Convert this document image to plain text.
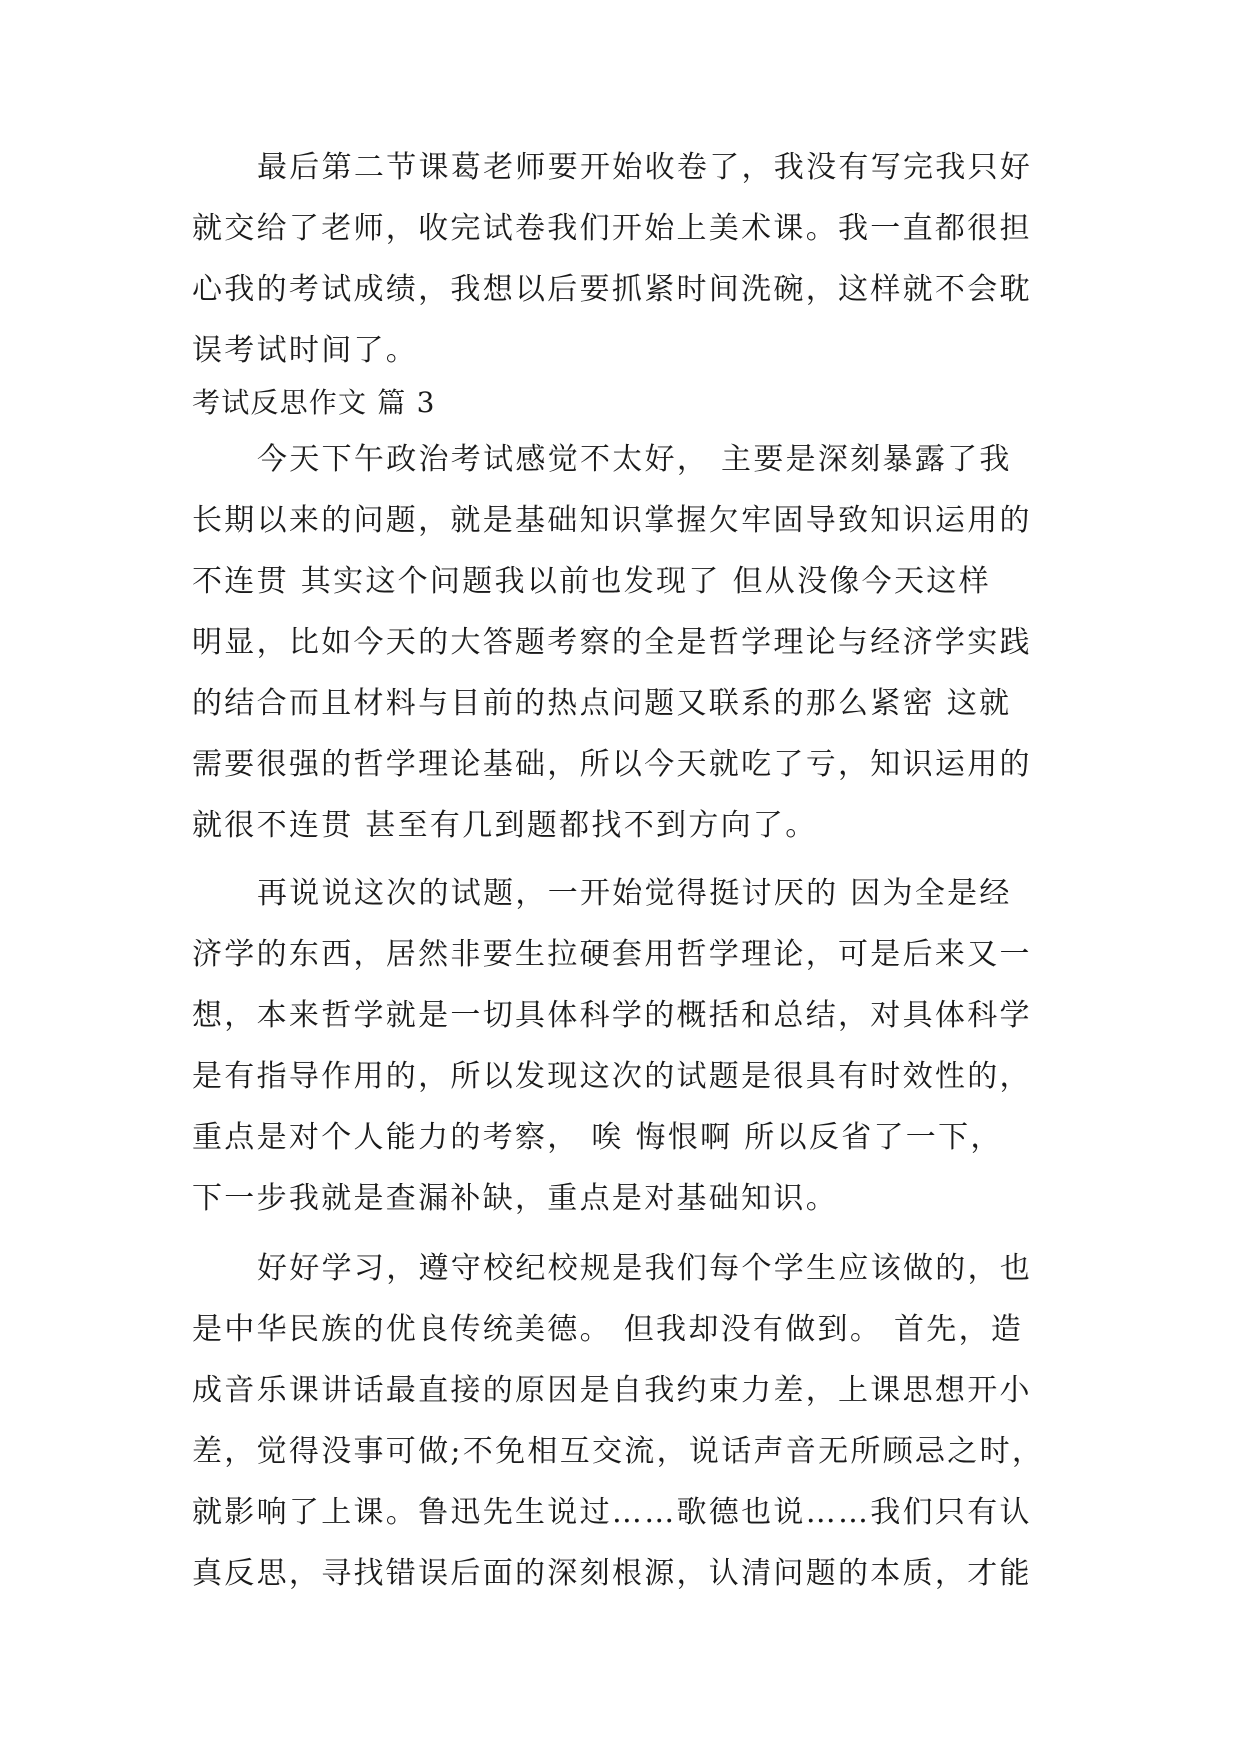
最后第二节课葛老师要开始收卷了，我没有写完我只好
就交给了老师，收完试卷我们开始上美术课。我一直都很担
心我的考试成绩，我想以后要抓紧时间洗碗，这样就不会耽
误考试时间了。
考试反思作文 篇 3
今天下午政治考试感觉不太好， 主要是深刻暴露了我
长期以来的问题，就是基础知识掌握欠牢固导致知识运用的
不连贯 其实这个问题我以前也发现了 但从没像今天这样
明显，比如今天的大答题考察的全是哲学理论与经济学实践
的结合而且材料与目前的热点问题又联系的那么紧密 这就
需要很强的哲学理论基础，所以今天就吃了亏，知识运用的
就很不连贯 甚至有几到题都找不到方向了。
再说说这次的试题，一开始觉得挺讨厌的 因为全是经
济学的东西，居然非要生拉硬套用哲学理论，可是后来又一
想，本来哲学就是一切具体科学的概括和总结，对具体科学
是有指导作用的，所以发现这次的试题是很具有时效性的，
重点是对个人能力的考察， 唉 悔恨啊 所以反省了一下，
下一步我就是查漏补缺，重点是对基础知识。
好好学习，遵守校纪校规是我们每个学生应该做的，也
是中华民族的优良传统美德。 但我却没有做到。 首先，造
成音乐课讲话最直接的原因是自我约束力差，上课思想开小
差，觉得没事可做;不免相互交流，说话声音无所顾忌之时，
就影响了上课。鲁迅先生说过……歌德也说……我们只有认
真反思，寻找错误后面的深刻根源，认清问题的本质，才能
